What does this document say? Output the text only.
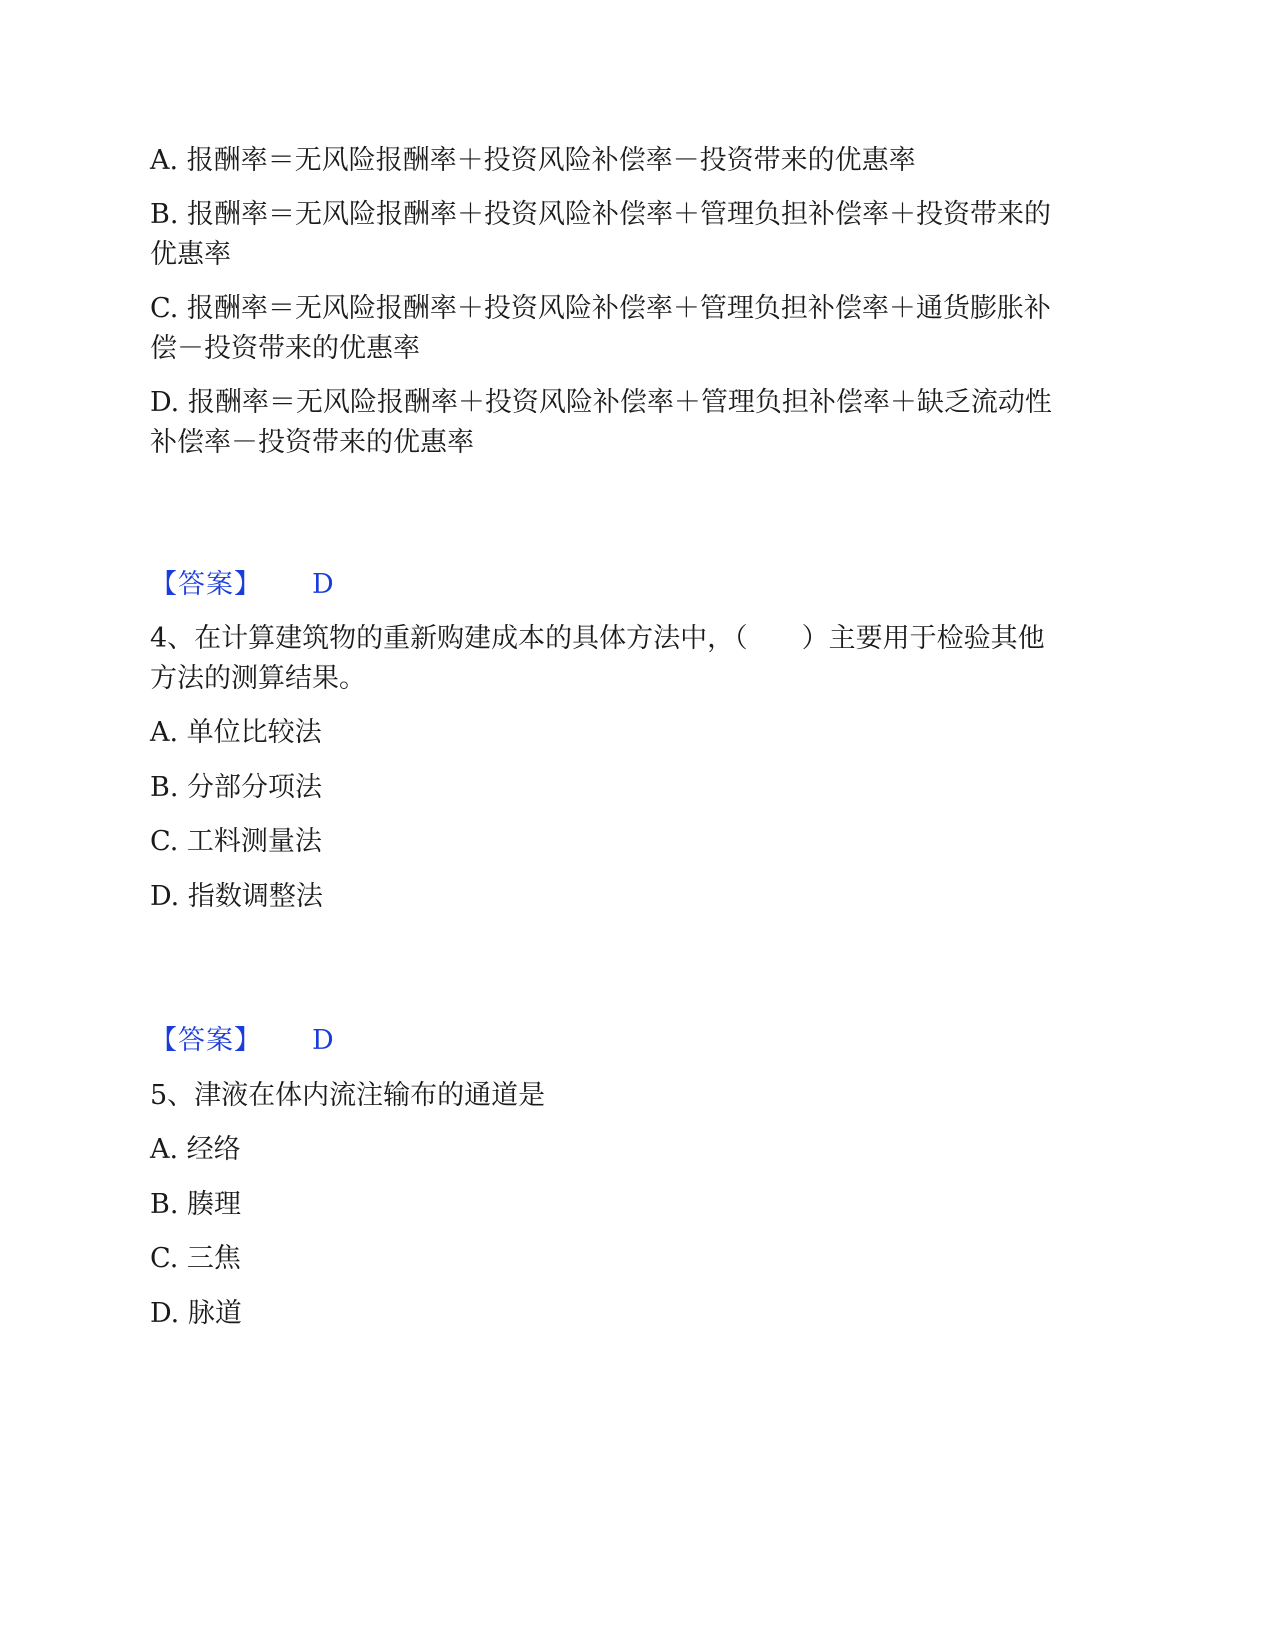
A. 报酬率＝无风险报酬率＋投资风险补偿率－投资带来的优惠率
B. 报酬率＝无风险报酬率＋投资风险补偿率＋管理负担补偿率＋投资带来的
优惠率
C. 报酬率＝无风险报酬率＋投资风险补偿率＋管理负担补偿率＋通货膨胀补
偿－投资带来的优惠率
D. 报酬率＝无风险报酬率＋投资风险补偿率＋管理负担补偿率＋缺乏流动性
补偿率－投资带来的优惠率
【答案】 D
4、在计算建筑物的重新购建成本的具体方法中，（　　）主要用于检验其他
方法的测算结果。
A. 单位比较法
B. 分部分项法
C. 工料测量法
D. 指数调整法
【答案】 D
5、津液在体内流注输布的通道是
A. 经络
B. 腠理
C. 三焦
D. 脉道
